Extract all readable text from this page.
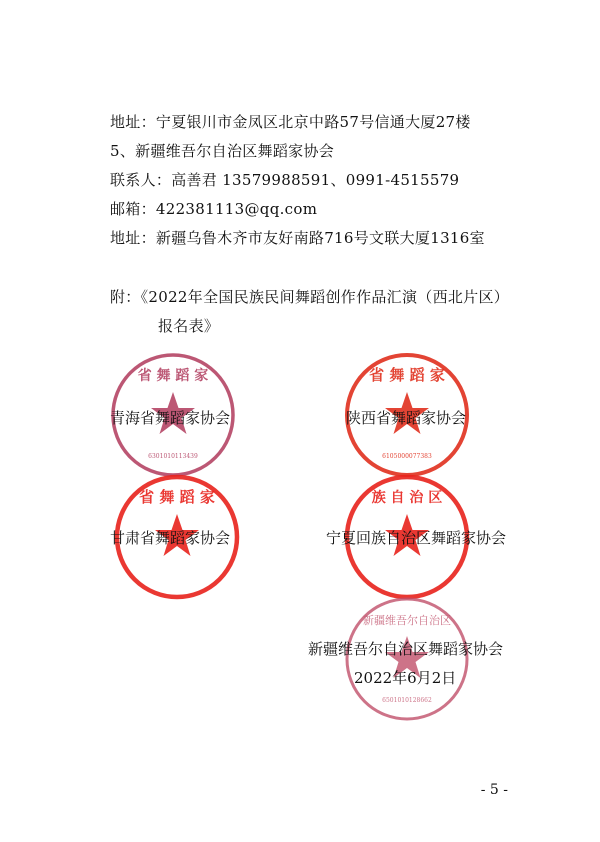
地址：宁夏银川市金凤区北京中路57号信通大厦27楼
5、新疆维吾尔自治区舞蹈家协会
联系人：高善君 13579988591、0991-4515579
邮箱：422381113@qq.com
地址：新疆乌鲁木齐市友好南路716号文联大厦1316室
附：《2022年全国民族民间舞蹈创作作品汇演（西北片区）
报名表》
省 舞 蹈 家
6301010113439
青海省舞蹈家协会
省 舞 蹈 家
6105000077383
陕西省舞蹈家协会
省 舞 蹈 家
甘肃省舞蹈家协会
族 自 治 区
宁夏回族自治区舞蹈家协会
新疆维吾尔自治区
6501010128662
新疆维吾尔自治区舞蹈家协会
2022年6月2日
- 5 -
